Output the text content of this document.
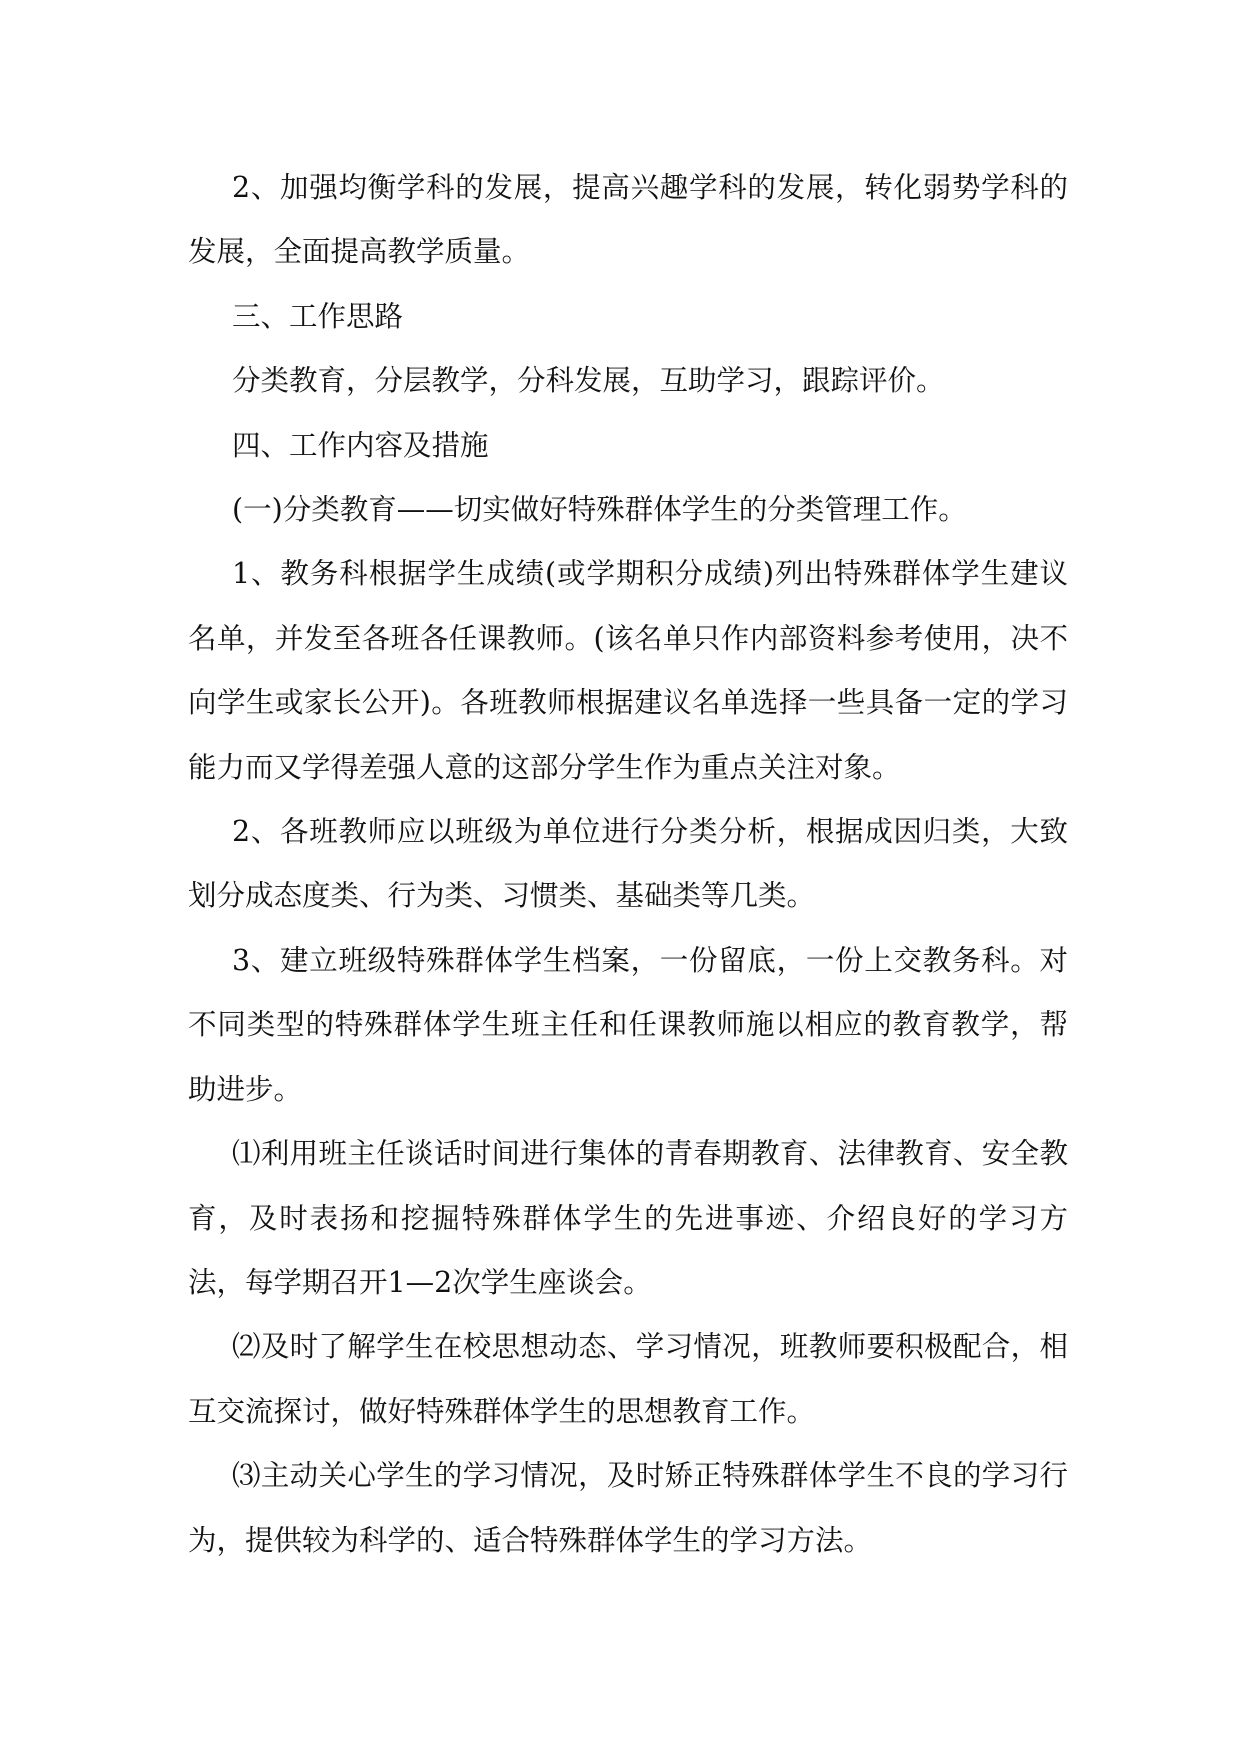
2、加强均衡学科的发展，提高兴趣学科的发展，转化弱势学科的发展，全面提高教学质量。

三、工作思路

分类教育，分层教学，分科发展，互助学习，跟踪评价。

四、工作内容及措施

(一)分类教育——切实做好特殊群体学生的分类管理工作。

1、教务科根据学生成绩(或学期积分成绩)列出特殊群体学生建议名单，并发至各班各任课教师。(该名单只作内部资料参考使用，决不向学生或家长公开)。各班教师根据建议名单选择一些具备一定的学习能力而又学得差强人意的这部分学生作为重点关注对象。

2、各班教师应以班级为单位进行分类分析，根据成因归类，大致划分成态度类、行为类、习惯类、基础类等几类。

3、建立班级特殊群体学生档案，一份留底，一份上交教务科。对不同类型的特殊群体学生班主任和任课教师施以相应的教育教学，帮助进步。

⑴利用班主任谈话时间进行集体的青春期教育、法律教育、安全教育，及时表扬和挖掘特殊群体学生的先进事迹、介绍良好的学习方法，每学期召开1—2次学生座谈会。

⑵及时了解学生在校思想动态、学习情况，班教师要积极配合，相互交流探讨，做好特殊群体学生的思想教育工作。

⑶主动关心学生的学习情况，及时矫正特殊群体学生不良的学习行为，提供较为科学的、适合特殊群体学生的学习方法。
